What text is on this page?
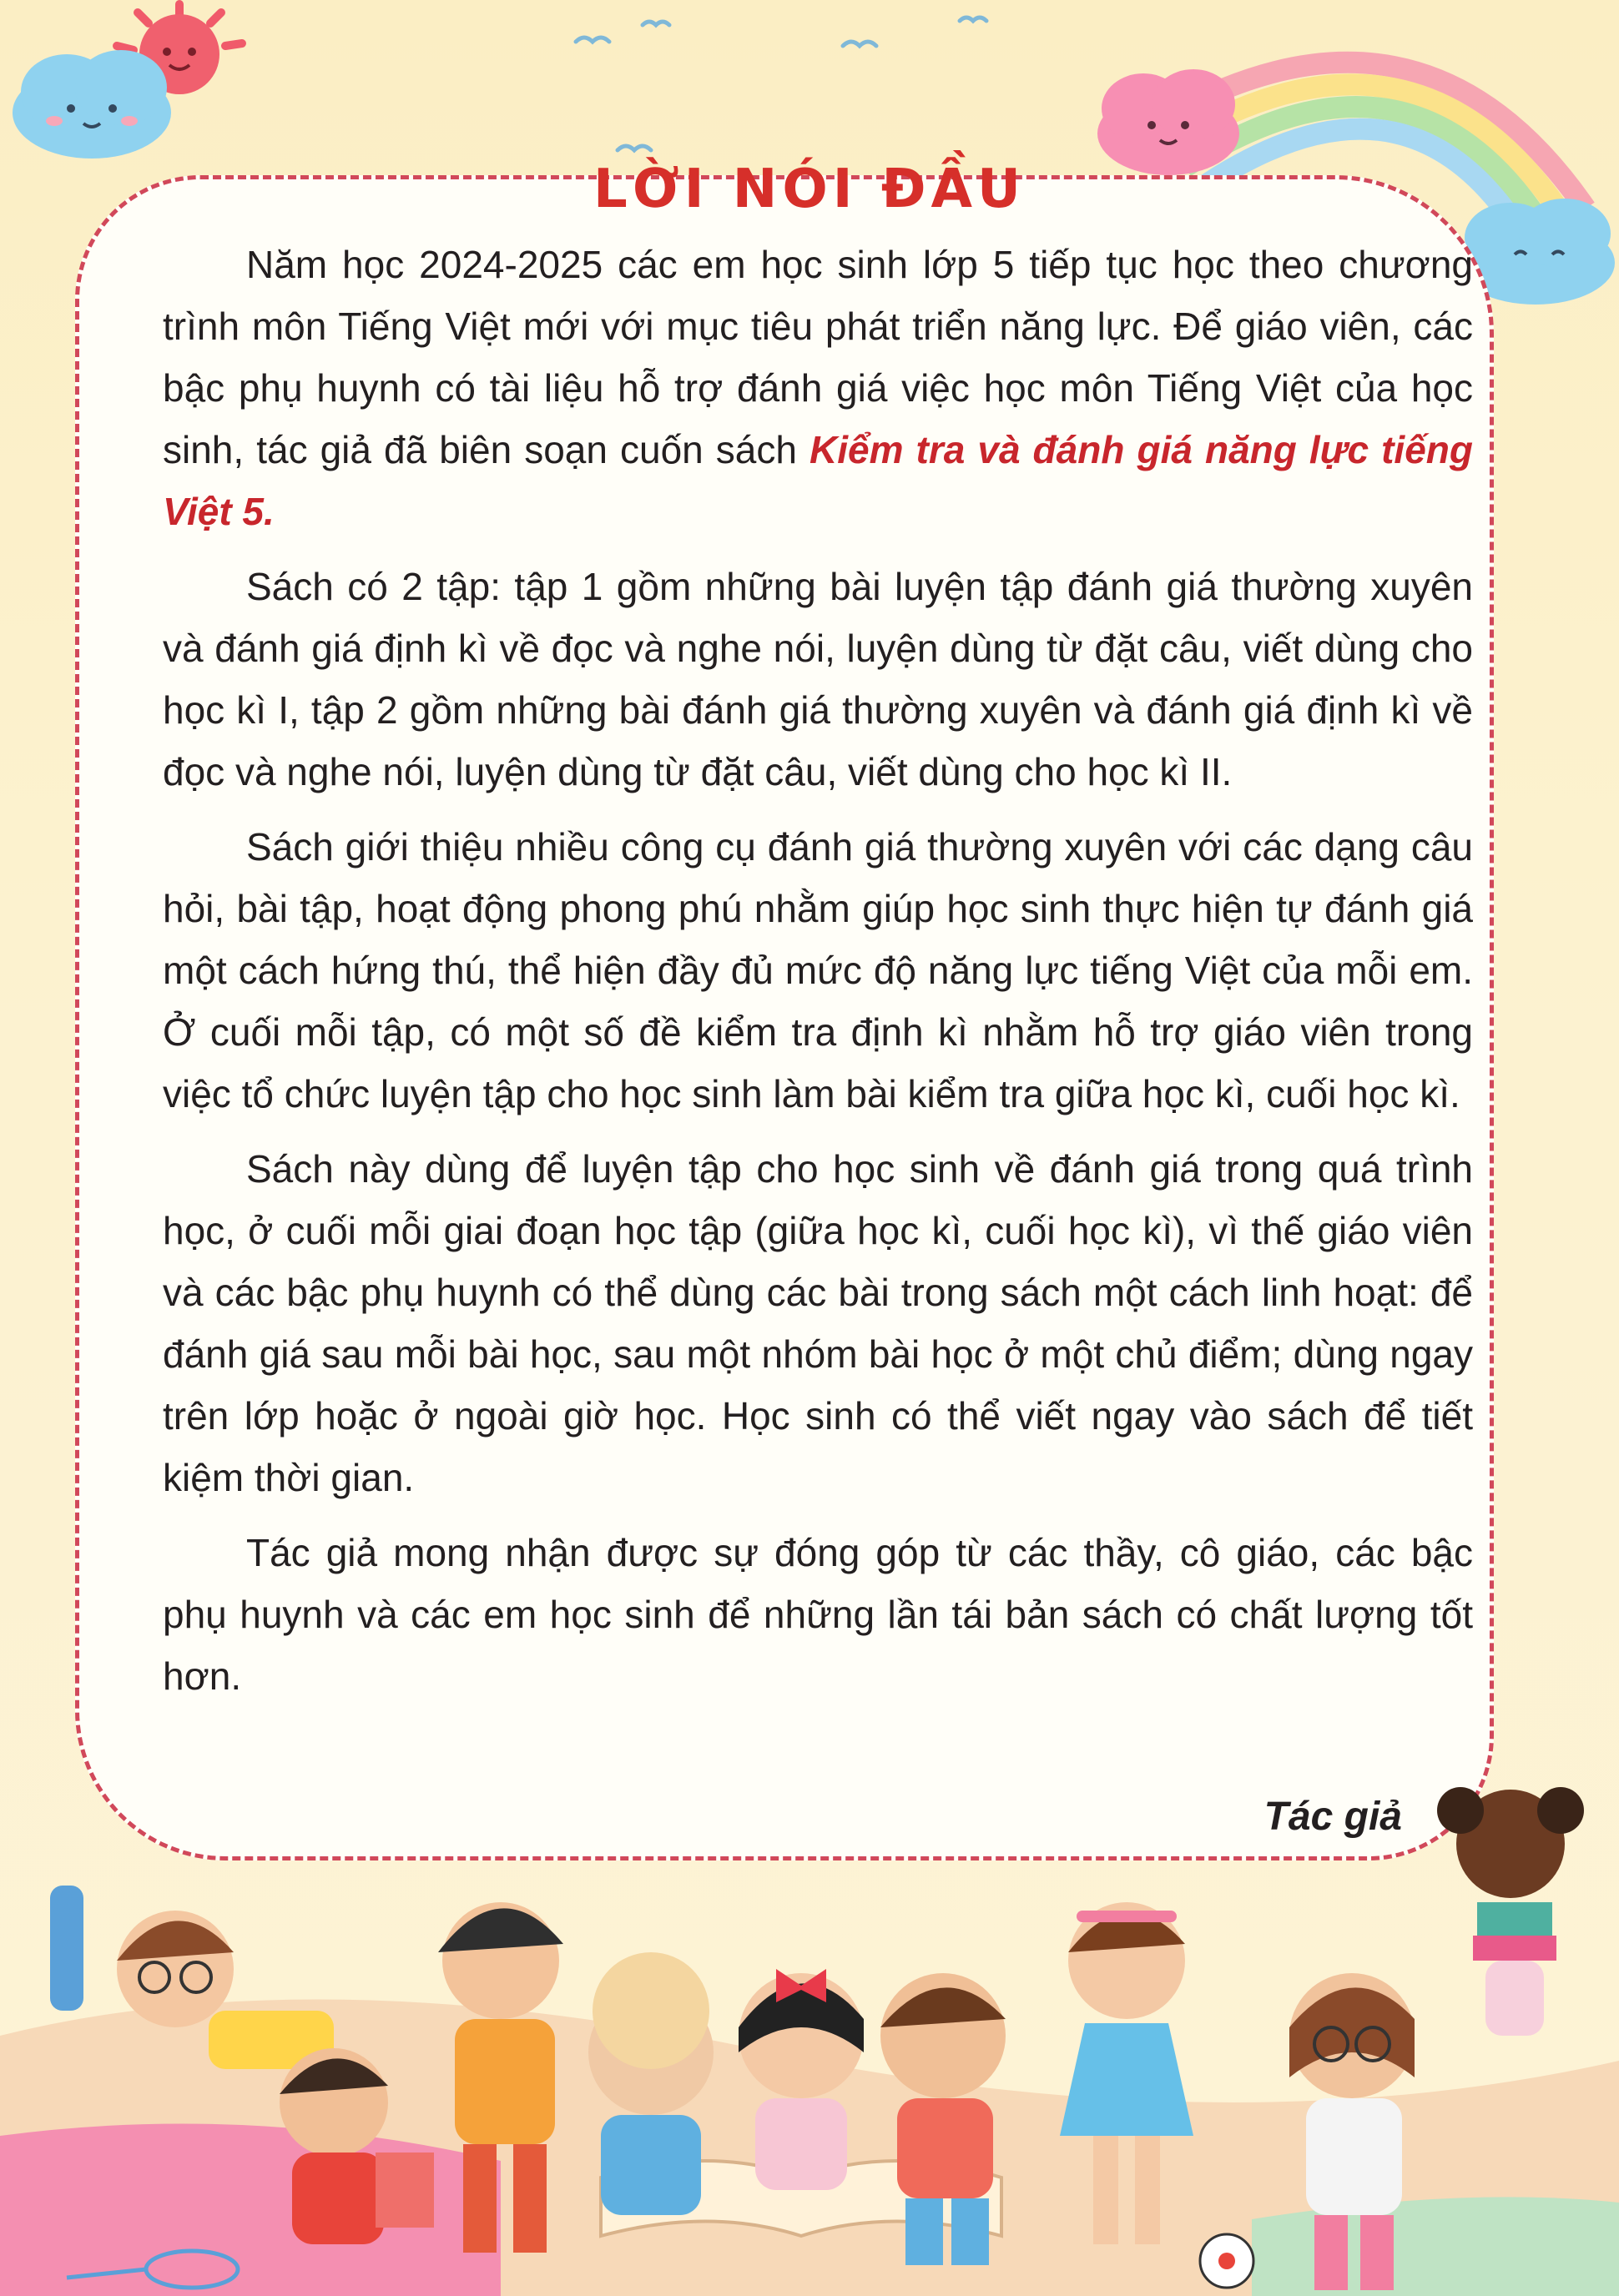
LỜI NÓI ĐẦU

Năm học 2024-2025 các em học sinh lớp 5 tiếp tục học theo chương trình môn Tiếng Việt mới với mục tiêu phát triển năng lực. Để giáo viên, các bậc phụ huynh có tài liệu hỗ trợ đánh giá việc học môn Tiếng Việt của học sinh, tác giả đã biên soạn cuốn sách Kiểm tra và đánh giá năng lực tiếng Việt 5.

Sách có 2 tập: tập 1 gồm những bài luyện tập đánh giá thường xuyên và đánh giá định kì về đọc và nghe nói, luyện dùng từ đặt câu, viết dùng cho học kì I, tập 2 gồm những bài đánh giá thường xuyên và đánh giá định kì về đọc và nghe nói, luyện dùng từ đặt câu, viết dùng cho học kì II.

Sách giới thiệu nhiều công cụ đánh giá thường xuyên với các dạng câu hỏi, bài tập, hoạt động phong phú nhằm giúp học sinh thực hiện tự đánh giá một cách hứng thú, thể hiện đầy đủ mức độ năng lực tiếng Việt của mỗi em. Ở cuối mỗi tập, có một số đề kiểm tra định kì nhằm hỗ trợ giáo viên trong việc tổ chức luyện tập cho học sinh làm bài kiểm tra giữa học kì, cuối học kì.

Sách này dùng để luyện tập cho học sinh về đánh giá trong quá trình học, ở cuối mỗi giai đoạn học tập (giữa học kì, cuối học kì), vì thế giáo viên và các bậc phụ huynh có thể dùng các bài trong sách một cách linh hoạt: để đánh giá sau mỗi bài học, sau một nhóm bài học ở một chủ điểm; dùng ngay trên lớp hoặc ở ngoài giờ học. Học sinh có thể viết ngay vào sách để tiết kiệm thời gian.

Tác giả mong nhận được sự đóng góp từ các thầy, cô giáo, các bậc phụ huynh và các em học sinh để những lần tái bản sách có chất lượng tốt hơn.

Tác giả
